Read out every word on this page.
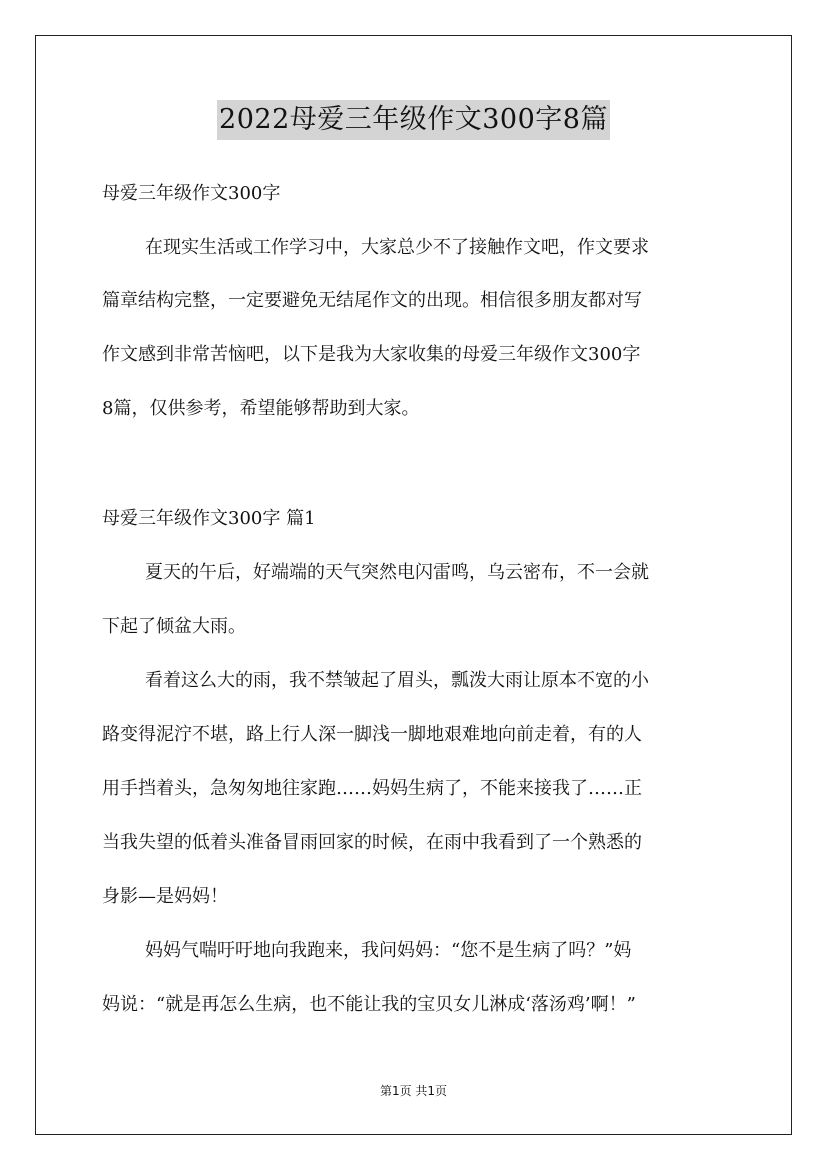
2022母爱三年级作文300字8篇
母爱三年级作文300字
在现实生活或工作学习中，大家总少不了接触作文吧，作文要求
篇章结构完整，一定要避免无结尾作文的出现。相信很多朋友都对写
作文感到非常苦恼吧，以下是我为大家收集的母爱三年级作文300字
8篇，仅供参考，希望能够帮助到大家。
母爱三年级作文300字 篇1
夏天的午后，好端端的天气突然电闪雷鸣，乌云密布，不一会就
下起了倾盆大雨。
看着这么大的雨，我不禁皱起了眉头，瓢泼大雨让原本不宽的小
路变得泥泞不堪，路上行人深一脚浅一脚地艰难地向前走着，有的人
用手挡着头，急匆匆地往家跑……妈妈生病了，不能来接我了……正
当我失望的低着头准备冒雨回家的时候，在雨中我看到了一个熟悉的
身影—是妈妈！
妈妈气喘吁吁地向我跑来，我问妈妈：“您不是生病了吗？”妈
妈说：“就是再怎么生病，也不能让我的宝贝女儿淋成‘落汤鸡’啊！”
第1页 共1页
